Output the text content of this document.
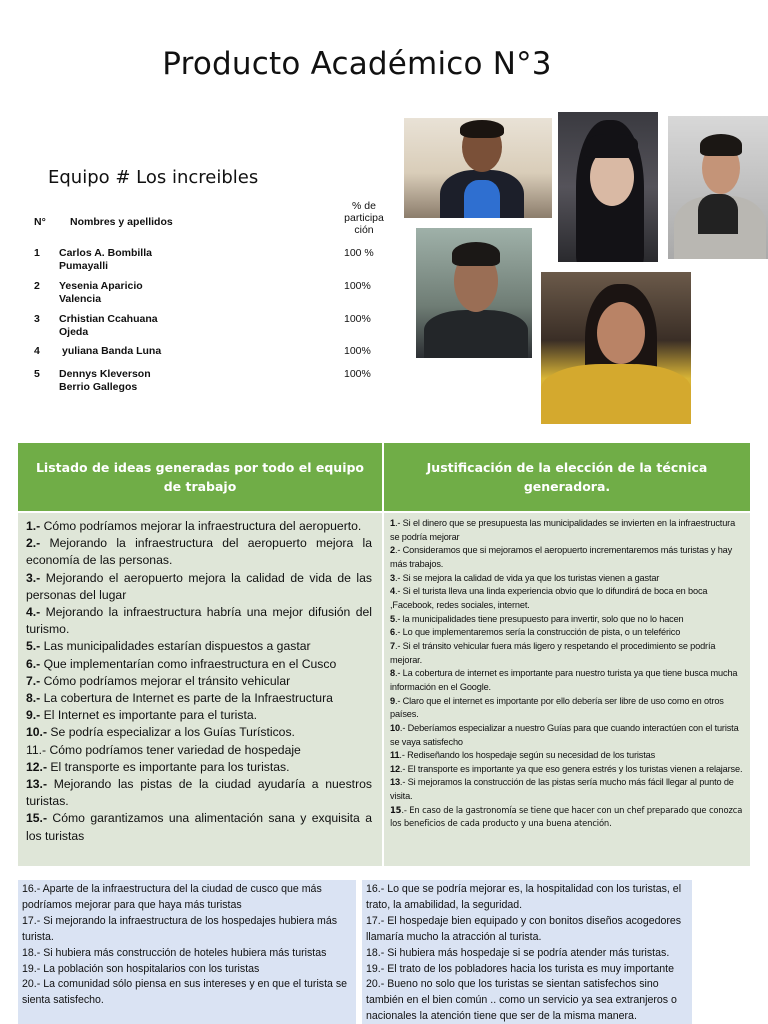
Producto Académico N°3
Equipo # Los increibles
N° Nombres y apellidos
% de participa ción
1 Carlos A. Bombilla Pumayalli
100 %
2 Yesenia Aparicio Valencia
100%
3 Crhistian Ccahuana Ojeda
100%
4 yuliana Banda Luna	100%
5 Dennys Kleverson Berrio Gallegos
100%
Listado de ideas generadas por todo el equipo de trabajo
Justificación de la elección de la técnica generadora.

1.- Cómo podríamos mejorar la infraestructura del aeropuerto.

2.- Mejorando la infraestructura del aeropuerto mejora la economía de las personas.

3.- Mejorando el aeropuerto mejora la calidad de vida de las personas del lugar

4.- Mejorando la infraestructura habría una mejor difusión del turismo.

5.- Las municipalidades estarían dispuestos a gastar

6.- Que implementarían como infraestructura en el Cusco

7.- Cómo podríamos mejorar el tránsito vehicular

8.- La cobertura de Internet es parte de la Infraestructura

9.- El Internet es importante para el turista.

10.- Se podría especializar a los Guías Turísticos.

11.- Cómo podríamos tener variedad de hospedaje

12.- El transporte es importante para los turistas.

13.- Mejorando las pistas de la ciudad ayudaría a nuestros turistas.

15.- Cómo garantizamos una alimentación sana y exquisita a los turistas

1.- Si el dinero que se presupuesta las municipalidades se invierten en la infraestructura se podría mejorar

2.- Consideramos que si mejoramos el aeropuerto incrementaremos más turistas y hay más trabajos.

3.- Si se mejora la calidad de vida ya que los turistas vienen a gastar

4.- Si el turista lleva una linda experiencia obvio que lo difundirá de boca en boca ,Facebook, redes sociales, internet.

5.- la municipalidades tiene presupuesto para invertir, solo que no lo hacen

6.- Lo que implementaremos sería la construcción de pista, o un teleférico

7.- Si el tránsito vehicular fuera más ligero y respetando el procedimiento se podría mejorar.

8.- La cobertura de internet es importante para nuestro turista ya que tiene busca mucha información en el Google.

9.- Claro que el internet es importante por ello debería ser libre de uso como en otros países.

10.- Deberíamos especializar a nuestro Guías para que cuando interactúen con el turista se vaya satisfecho

11.- Rediseñando los hospedaje según su necesidad de los turistas

12.- El transporte es importante ya que eso genera estrés y los turistas vienen a relajarse.

13.- Si mejoramos la construcción de las pistas sería mucho más fácil llegar al punto de visita.

15.- En caso de la gastronomía se tiene que hacer con un chef preparado que conozca los beneficios de cada producto y una buena atención.

16.- Aparte de la infraestructura del la ciudad de cusco que más podríamos mejorar para que haya más turistas

17.- Si mejorando la infraestructura de los hospedajes hubiera más turista.

18.- Si hubiera más construcción de hoteles hubiera más turistas

19.- La población son hospitalarios con los turistas

20.- La comunidad sólo piensa en sus intereses y en que el turista se sienta satisfecho.

16.- Lo que se podría mejorar es, la hospitalidad con los turistas, el trato, la amabilidad, la seguridad.

17.- El hospedaje bien equipado y con bonitos diseños acogedores llamaría mucho la atracción al turista.

18.- Si hubiera más hospedaje si se podría atender más turistas.

19.- El trato de los pobladores hacia los turista es muy importante

20.- Bueno no solo que los turistas se sientan satisfechos sino también en el bien común .. como un servicio ya sea extranjeros o nacionales la atención tiene que ser de la misma manera.
